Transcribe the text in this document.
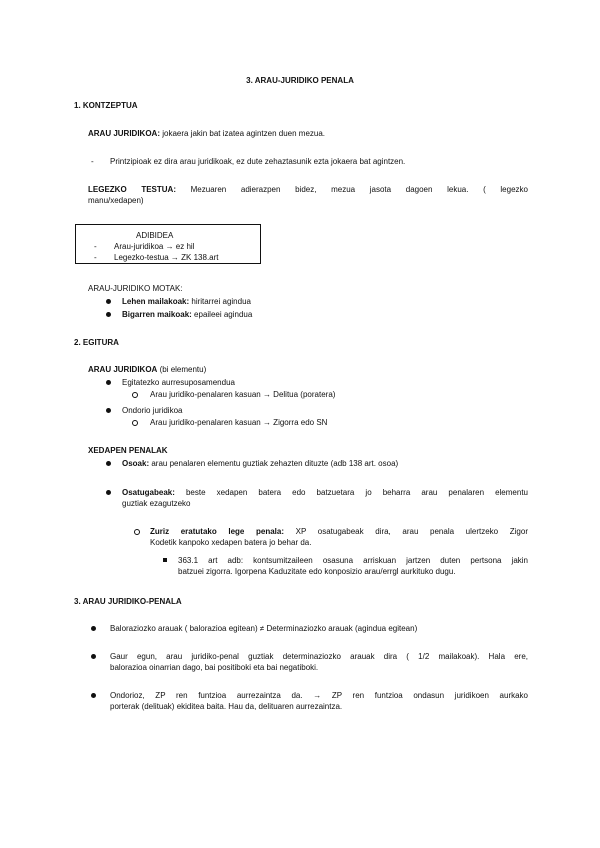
3. ARAU-JURIDIKO PENALA
1. KONTZEPTUA
ARAU JURIDIKOA: jokaera jakin bat izatea agintzen duen mezua.
- Printzipioak ez dira arau juridikoak, ez dute zehaztasunik ezta jokaera bat agintzen.
LEGEZKO TESTUA: Mezuaren adierazpen bidez, mezua jasota dagoen lekua. ( legezko
manu/xedapen)
ADIBIDEA
- Arau-juridikoa → ez hil
- Legezko-testua → ZK 138.art
ARAU-JURIDIKO MOTAK:
Lehen mailakoak: hiritarrei agindua
Bigarren maikoak: epaileei agindua
2. EGITURA
ARAU JURIDIKOA (bi elementu)
Egitatezko aurresuposamendua
Arau juridiko-penalaren kasuan → Delitua (poratera)
Ondorio juridikoa
Arau juridiko-penalaren kasuan → Zigorra edo SN
XEDAPEN PENALAK
Osoak: arau penalaren elementu guztiak zehazten dituzte (adb 138 art. osoa)
Osatugabeak: beste xedapen batera edo batzuetara jo beharra arau penalaren elementu
guztiak ezagutzeko
Zuriz eratutako lege penala: XP osatugabeak dira, arau penala ulertzeko Zigor
Kodetik kanpoko xedapen batera jo behar da.
363.1 art adb: kontsumitzaileen osasuna arriskuan jartzen duten pertsona jakin
batzuei zigorra. Igorpena Kaduzitate edo konposizio arau/errgl aurkituko dugu.
3. ARAU JURIDIKO-PENALA
Baloraziozko arauak ( balorazioa egitean) ≠ Determinaziozko arauak (agindua egitean)
Gaur egun, arau juridiko-penal guztiak determinaziozko arauak dira ( 1/2 mailakoak). Hala ere,
balorazioa oinarrian dago, bai positiboki eta bai negatiboki.
Ondorioz, ZP ren funtzioa aurrezaintza da. → ZP ren funtzioa ondasun juridikoen aurkako
porterak (delituak) ekiditea baita. Hau da, delituaren aurrezaintza.
